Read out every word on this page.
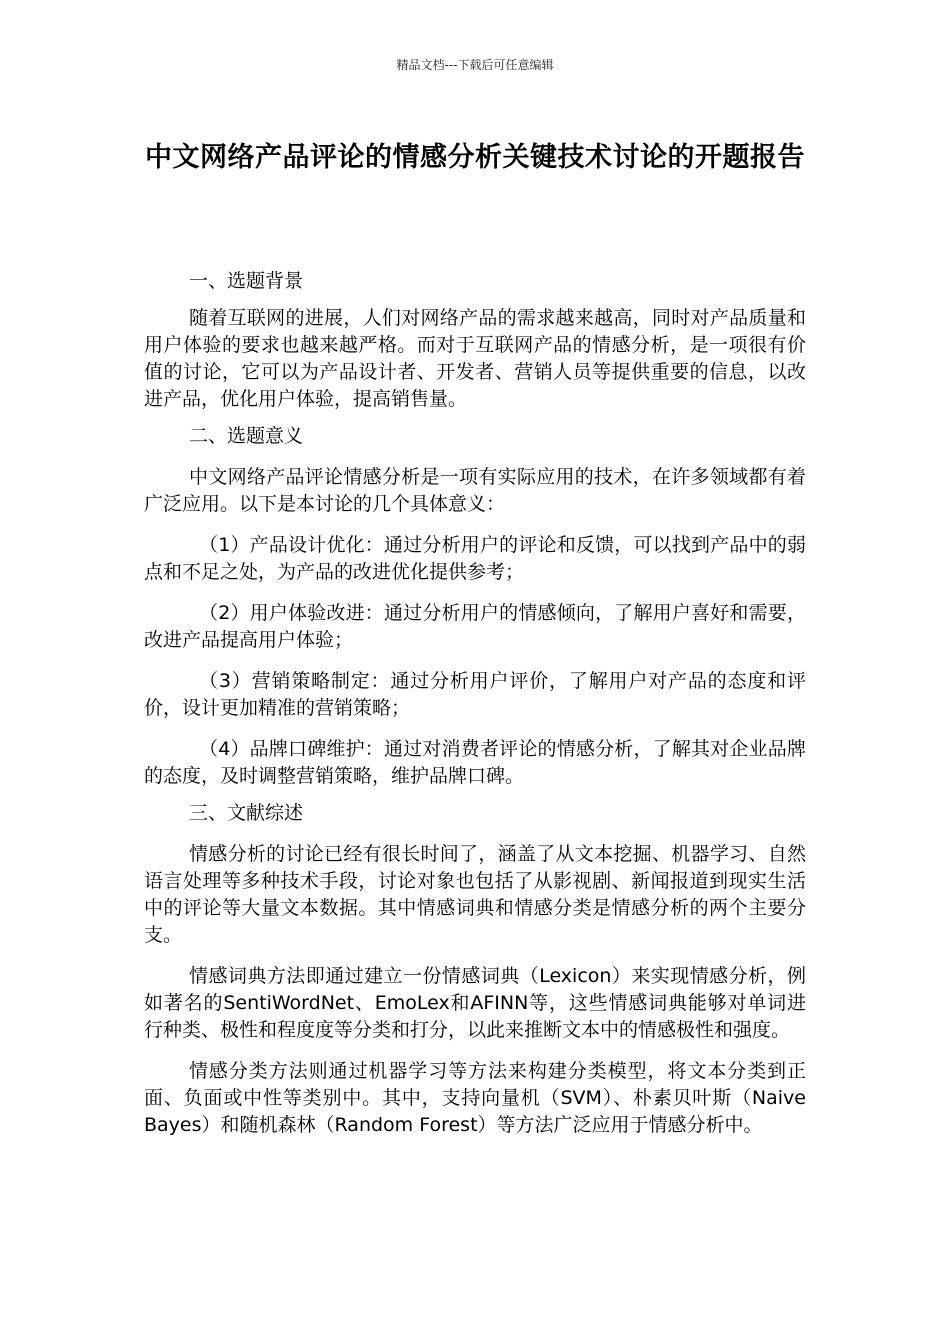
精品文档---下载后可任意编辑
中文网络产品评论的情感分析关键技术讨论的开题报告

一、选题背景

随着互联网的进展，人们对网络产品的需求越来越高，同时对产品质量和用户体验的要求也越来越严格。而对于互联网产品的情感分析，是一项很有价值的讨论，它可以为产品设计者、开发者、营销人员等提供重要的信息，以改进产品，优化用户体验，提高销售量。

二、选题意义

中文网络产品评论情感分析是一项有实际应用的技术，在许多领域都有着广泛应用。以下是本讨论的几个具体意义：

（1）产品设计优化：通过分析用户的评论和反馈，可以找到产品中的弱点和不足之处，为产品的改进优化提供参考；

（2）用户体验改进：通过分析用户的情感倾向，了解用户喜好和需要，改进产品提高用户体验；

（3）营销策略制定：通过分析用户评价，了解用户对产品的态度和评价，设计更加精准的营销策略；

（4）品牌口碑维护：通过对消费者评论的情感分析，了解其对企业品牌的态度，及时调整营销策略，维护品牌口碑。

三、文献综述

情感分析的讨论已经有很长时间了，涵盖了从文本挖掘、机器学习、自然语言处理等多种技术手段，讨论对象也包括了从影视剧、新闻报道到现实生活中的评论等大量文本数据。其中情感词典和情感分类是情感分析的两个主要分支。

情感词典方法即通过建立一份情感词典（Lexicon）来实现情感分析，例如著名的SentiWordNet、EmoLex和AFINN等，这些情感词典能够对单词进行种类、极性和程度度等分类和打分，以此来推断文本中的情感极性和强度。

情感分类方法则通过机器学习等方法来构建分类模型，将文本分类到正面、负面或中性等类别中。其中，支持向量机（SVM）、朴素贝叶斯（Naive Bayes）和随机森林（Random Forest）等方法广泛应用于情感分析中。
